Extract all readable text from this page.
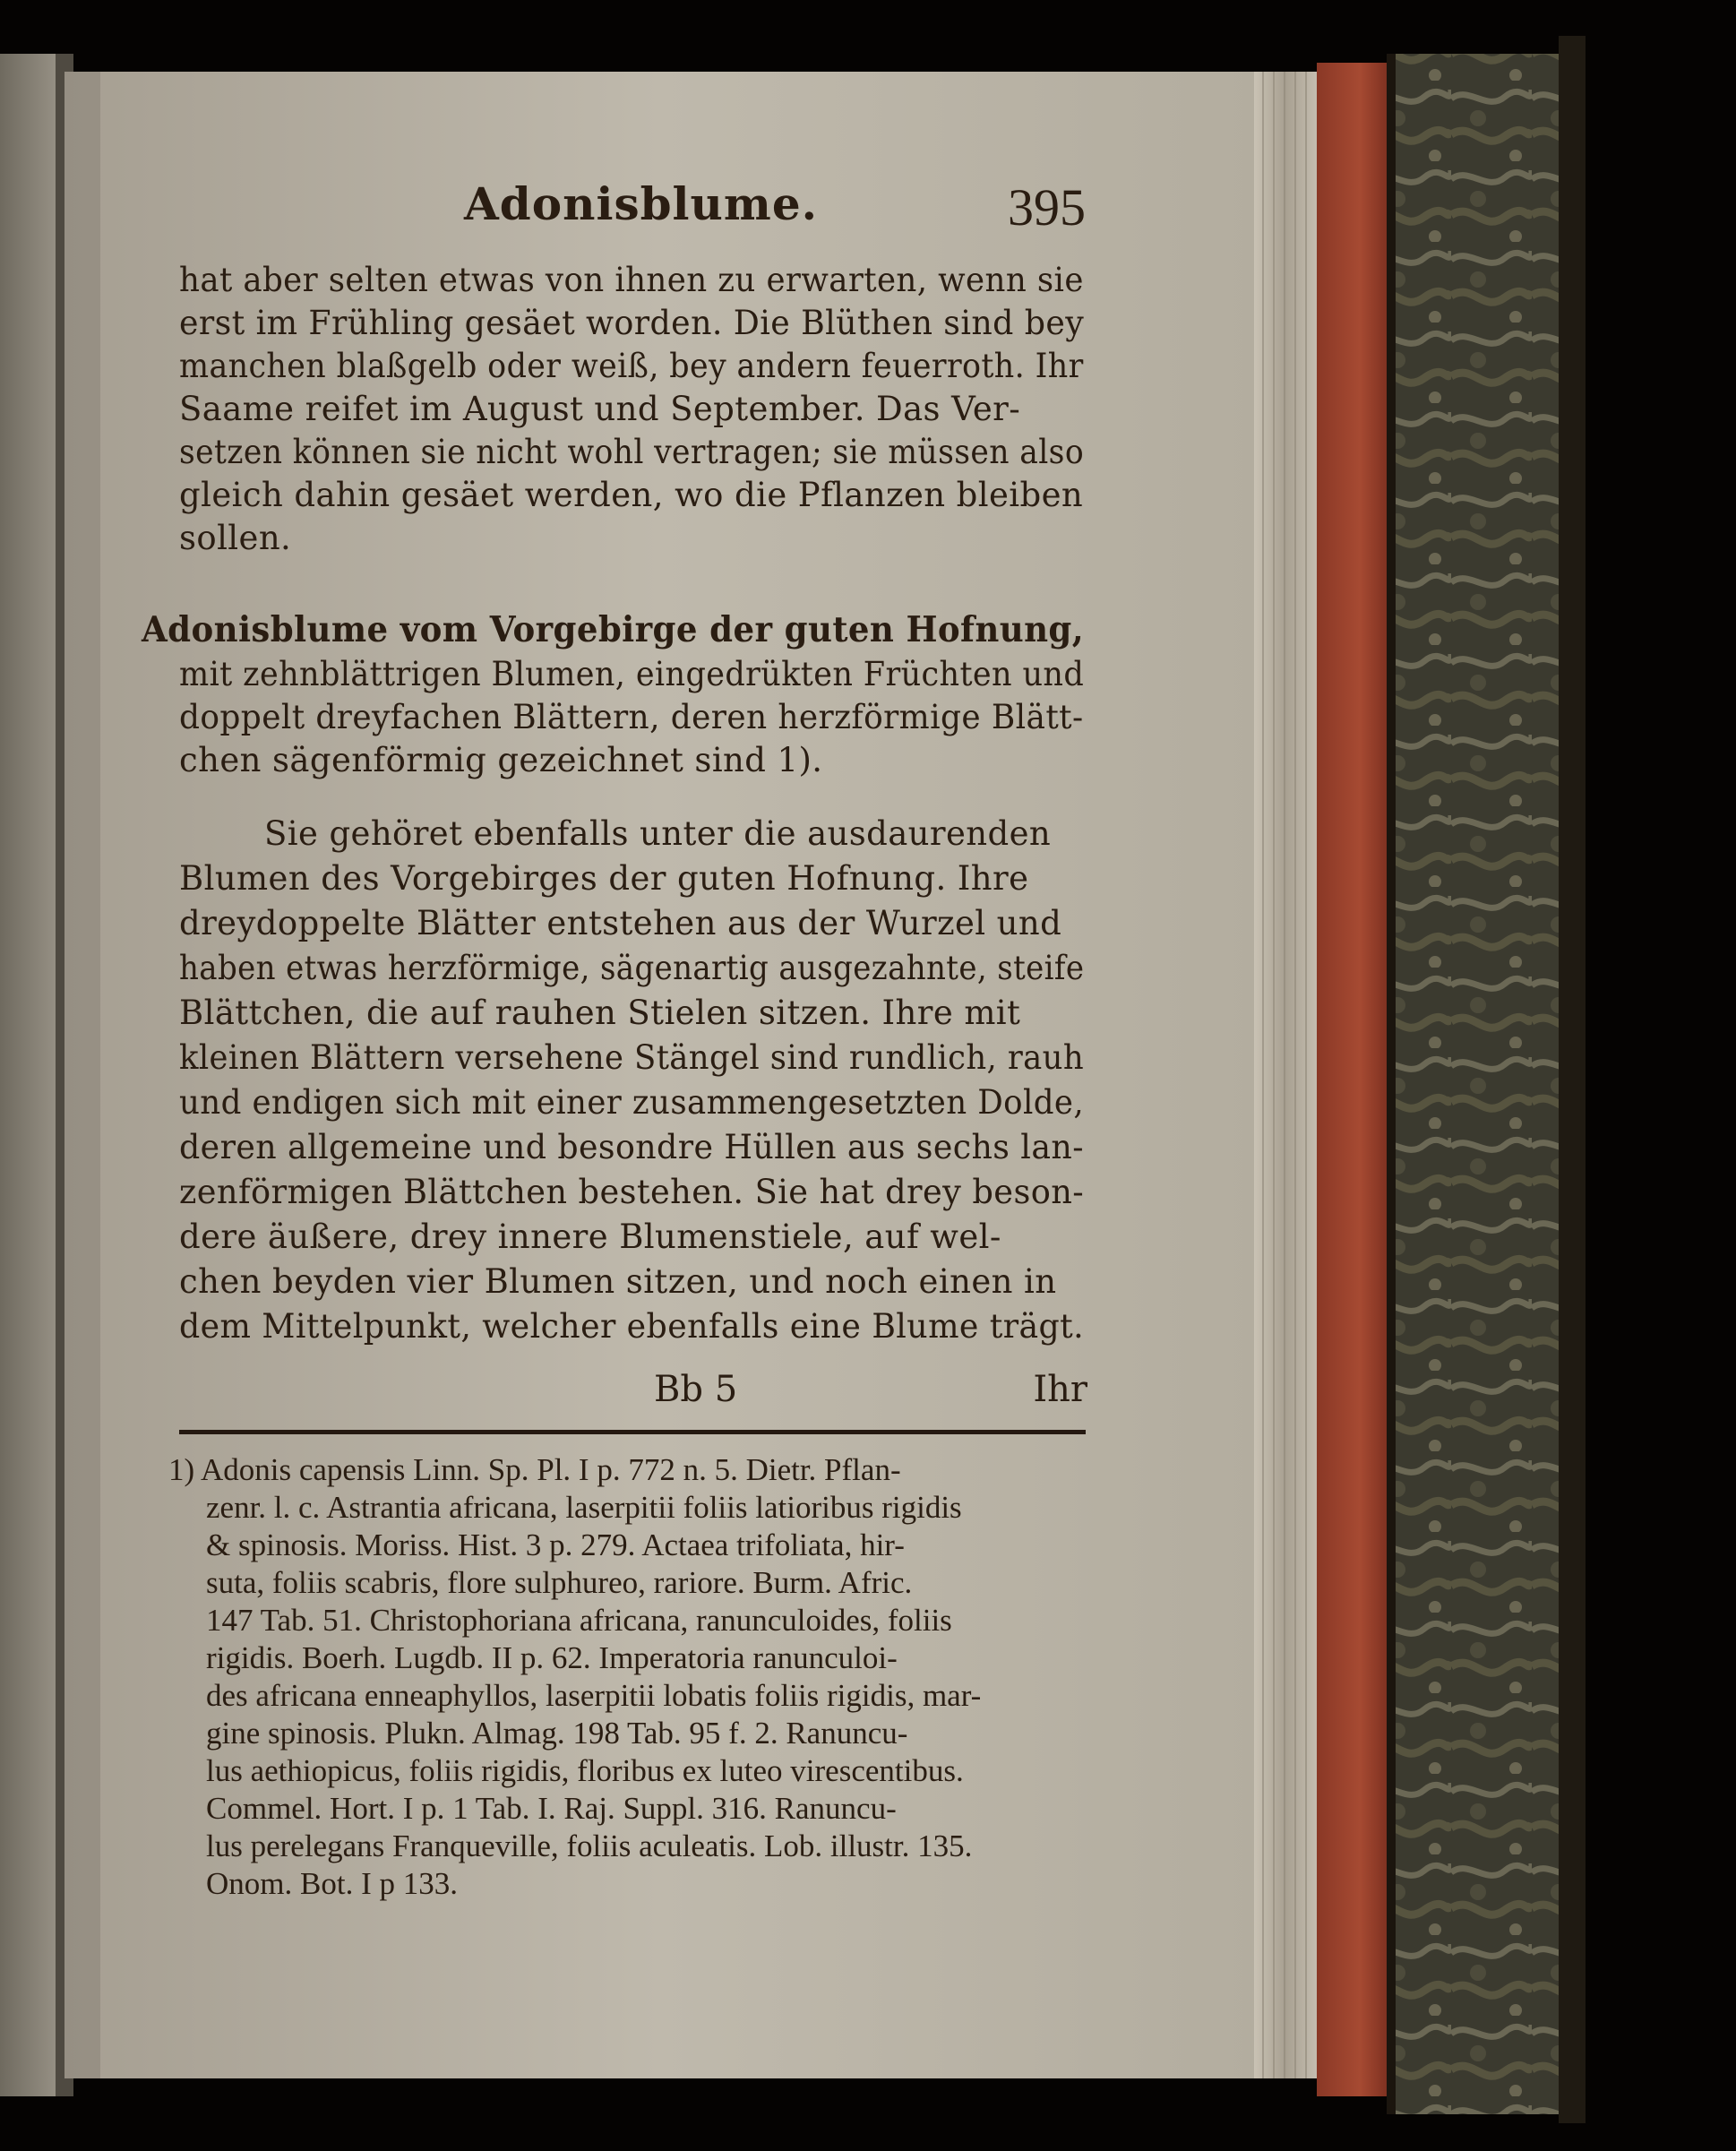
Adonisblume.	395
hat aber selten etwas von ihnen zu erwarten, wenn sie
erst im Frühling gesäet worden. Die Blüthen sind bey
manchen blaßgelb oder weiß, bey andern feuerroth. Ihr
Saame reifet im August und September. Das Ver-
setzen können sie nicht wohl vertragen; sie müssen also
gleich dahin gesäet werden, wo die Pflanzen bleiben
sollen.
Adonisblume vom Vorgebirge der guten Hofnung,
mit zehnblättrigen Blumen, eingedrükten Früchten und
doppelt dreyfachen Blättern, deren herzförmige Blätt-
chen sägenförmig gezeichnet sind 1).
Sie gehöret ebenfalls unter die ausdaurenden
Blumen des Vorgebirges der guten Hofnung. Ihre
dreydoppelte Blätter entstehen aus der Wurzel und
haben etwas herzförmige, sägenartig ausgezahnte, steife
Blättchen, die auf rauhen Stielen sitzen. Ihre mit
kleinen Blättern versehene Stängel sind rundlich, rauh
und endigen sich mit einer zusammengesetzten Dolde,
deren allgemeine und besondre Hüllen aus sechs lan-
zenförmigen Blättchen bestehen. Sie hat drey beson-
dere äußere, drey innere Blumenstiele, auf wel-
chen beyden vier Blumen sitzen, und noch einen in
dem Mittelpunkt, welcher ebenfalls eine Blume trägt.
Bb 5	Ihr
1) Adonis capensis Linn. Sp. Pl. I p. 772 n. 5. Dietr. Pflan-
zenr. l. c. Astrantia africana, laserpitii foliis latioribus rigidis
& spinosis. Moriss. Hist. 3 p. 279. Actaea trifoliata, hir-
suta, foliis scabris, flore sulphureo, rariore. Burm. Afric.
147 Tab. 51. Christophoriana africana, ranunculoides, foliis
rigidis. Boerh. Lugdb. II p. 62. Imperatoria ranunculoi-
des africana enneaphyllos, laserpitii lobatis foliis rigidis, mar-
gine spinosis. Plukn. Almag. 198 Tab. 95 f. 2. Ranuncu-
lus aethiopicus, foliis rigidis, floribus ex luteo virescentibus.
Commel. Hort. I p. 1 Tab. I. Raj. Suppl. 316. Ranuncu-
lus perelegans Franqueville, foliis aculeatis. Lob. illustr. 135.
Onom. Bot. I p 133.
